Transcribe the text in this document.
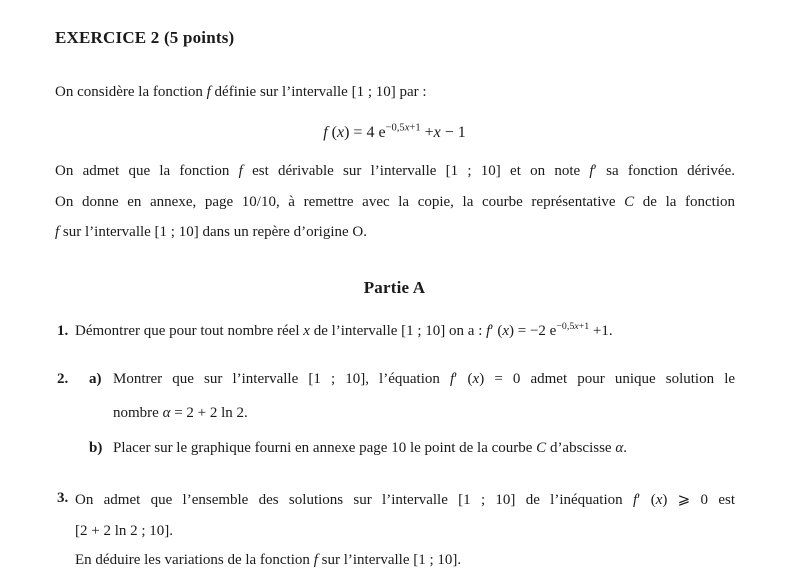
EXERCICE 2 (5 points)
On considère la fonction f définie sur l’intervalle [1 ; 10] par :
f (x) = 4 $e^{-0,5x+1} +x - 1$
On admet que la fonction f est dérivable sur l’intervalle [1 ; 10] et on note f′ sa fonction dérivée.
On donne en annexe, page 10/10, à remettre avec la copie, la courbe représentative C de la fonction
f sur l’intervalle [1 ; 10] dans un repère d’origine O.
Partie A
1. Démontrer que pour tout nombre réel x de l’intervalle [1 ; 10] on a : f′ (x) = −2 $e^{-0,5x+1} +1$.
2. a) Montrer que sur l’intervalle [1 ; 10], l’équation f′ (x) = 0 admet pour unique solution le
nombre α = 2 + 2 ln 2.
b) Placer sur le graphique fourni en annexe page 10 le point de la courbe C d’abscisse α.
3. On admet que l’ensemble des solutions sur l’intervalle [1 ; 10] de l’inéquation f′ (x) ⩾ 0 est
[2 + 2 ln 2 ; 10].
En déduire les variations de la fonction f sur l’intervalle [1 ; 10].
